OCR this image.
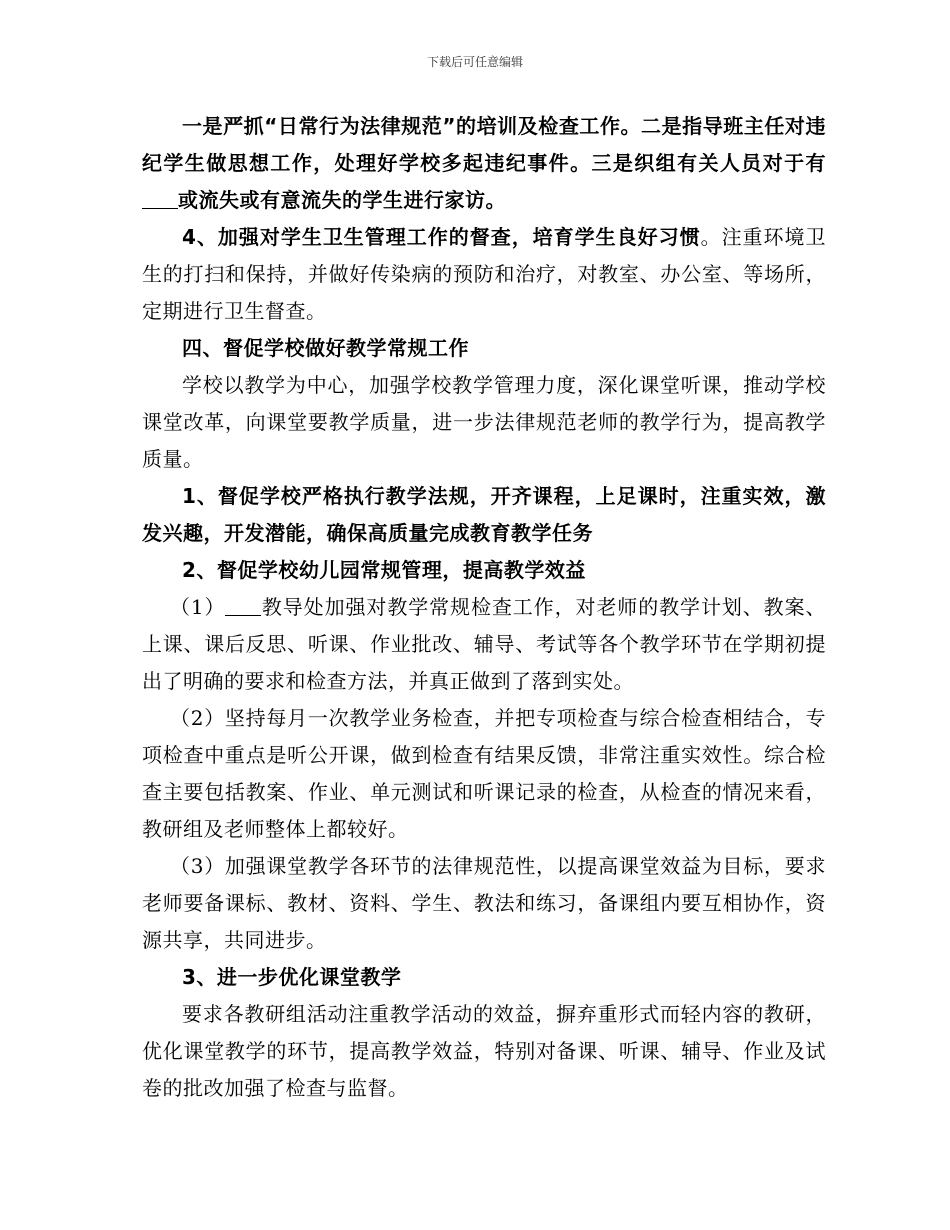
下载后可任意编辑

一是严抓“日常行为法律规范”的培训及检查工作。二是指导班主任对违纪学生做思想工作，处理好学校多起违纪事件。三是织组有关人员对于有或流失或有意流失的学生进行家访。

4、加强对学生卫生管理工作的督查，培育学生良好习惯。注重环境卫生的打扫和保持，并做好传染病的预防和治疗，对教室、办公室、等场所，定期进行卫生督查。

四、督促学校做好教学常规工作

学校以教学为中心，加强学校教学管理力度，深化课堂听课，推动学校课堂改革，向课堂要教学质量，进一步法律规范老师的教学行为，提高教学质量。

1、督促学校严格执行教学法规，开齐课程，上足课时，注重实效，激发兴趣，开发潜能，确保高质量完成教育教学任务

2、督促学校幼儿园常规管理，提高教学效益

（1） 教导处加强对教学常规检查工作，对老师的教学计划、教案、上课、课后反思、听课、作业批改、辅导、考试等各个教学环节在学期初提出了明确的要求和检查方法，并真正做到了落到实处。

（2）坚持每月一次教学业务检查，并把专项检查与综合检查相结合，专项检查中重点是听公开课，做到检查有结果反馈，非常注重实效性。综合检查主要包括教案、作业、单元测试和听课记录的检查，从检查的情况来看，教研组及老师整体上都较好。

（3）加强课堂教学各环节的法律规范性，以提高课堂效益为目标，要求老师要备课标、教材、资料、学生、教法和练习，备课组内要互相协作，资源共享，共同进步。

3、进一步优化课堂教学

要求各教研组活动注重教学活动的效益，摒弃重形式而轻内容的教研，优化课堂教学的环节，提高教学效益，特别对备课、听课、辅导、作业及试卷的批改加强了检查与监督。
